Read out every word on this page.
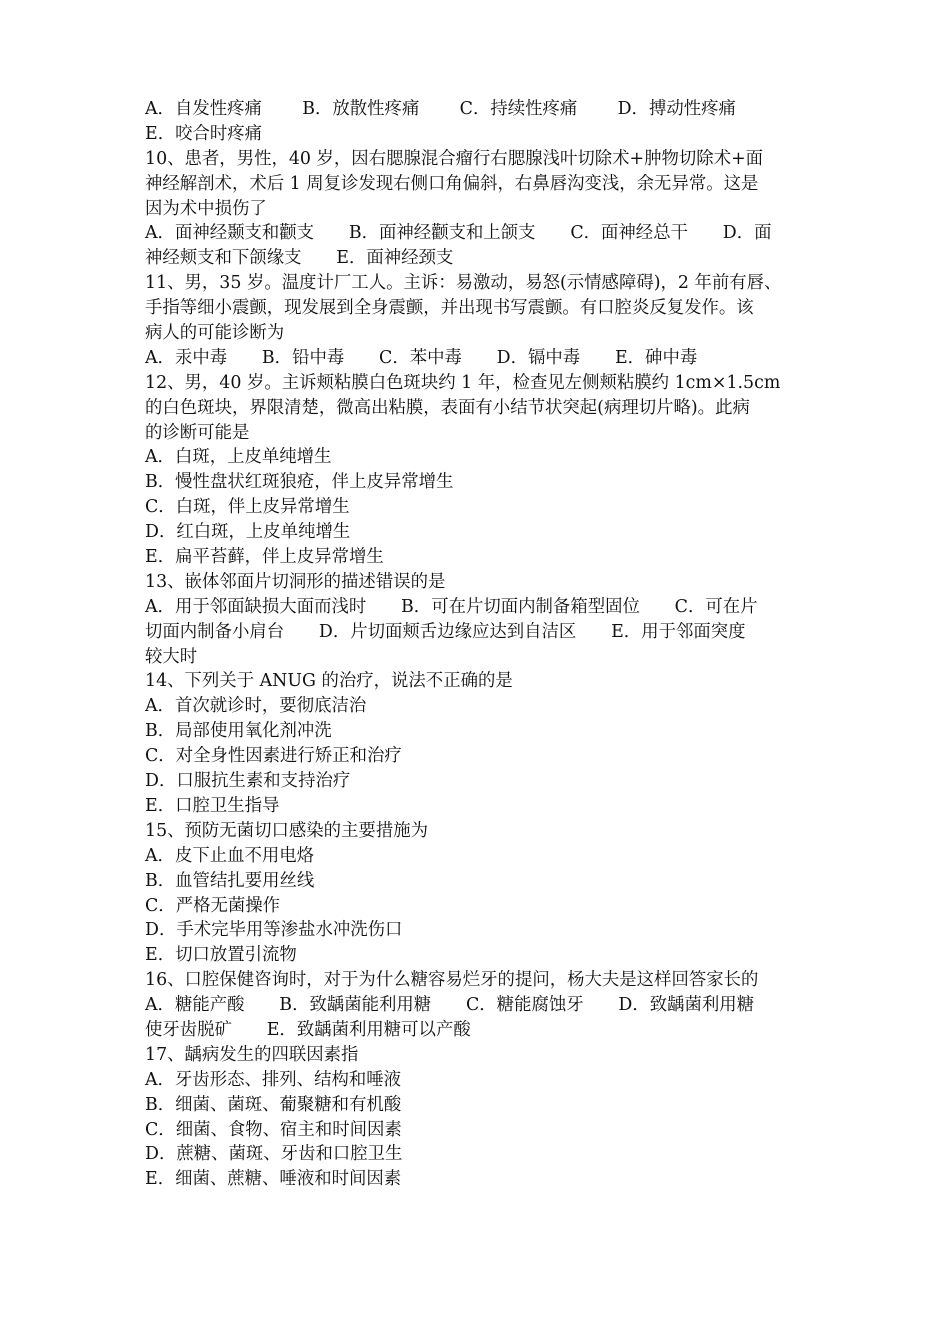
A．自发性疼痛　　 B．放散性疼痛　　 C．持续性疼痛　　 D．搏动性疼痛
E．咬合时疼痛
10、患者，男性，40 岁，因右腮腺混合瘤行右腮腺浅叶切除术+肿物切除术+面
神经解剖术，术后 1 周复诊发现右侧口角偏斜，右鼻唇沟变浅，余无异常。这是
因为术中损伤了
A．面神经颞支和颧支　　B．面神经颧支和上颌支　　C．面神经总干　　D．面
神经颊支和下颌缘支　　E．面神经颈支
11、男，35 岁。温度计厂工人。主诉：易激动，易怒(示情感障碍)，2 年前有唇、
手指等细小震颤，现发展到全身震颤，并出现书写震颤。有口腔炎反复发作。该
病人的可能诊断为
A．汞中毒　　B．铅中毒　　C．苯中毒　　D．镉中毒　　E．砷中毒
12、男，40 岁。主诉颊粘膜白色斑块约 1 年，检查见左侧颊粘膜约 1cm×1.5cm
的白色斑块，界限清楚，微高出粘膜，表面有小结节状突起(病理切片略)。此病
的诊断可能是
A．白斑，上皮单纯增生
B．慢性盘状红斑狼疮，伴上皮异常增生
C．白斑，伴上皮异常增生
D．红白斑，上皮单纯增生
E．扁平苔藓，伴上皮异常增生
13、嵌体邻面片切洞形的描述错误的是
A．用于邻面缺损大面而浅时　　B．可在片切面内制备箱型固位　　C．可在片
切面内制备小肩台　　D．片切面颊舌边缘应达到自洁区　　E．用于邻面突度
较大时
14、下列关于 ANUG 的治疗，说法不正确的是
A．首次就诊时，要彻底洁治
B．局部使用氧化剂冲洗
C．对全身性因素进行矫正和治疗
D．口服抗生素和支持治疗
E．口腔卫生指导
15、预防无菌切口感染的主要措施为
A．皮下止血不用电烙
B．血管结扎要用丝线
C．严格无菌操作
D．手术完毕用等渗盐水冲洗伤口
E．切口放置引流物
16、口腔保健咨询时，对于为什么糖容易烂牙的提问，杨大夫是这样回答家长的
A．糖能产酸　　B．致龋菌能利用糖　　C．糖能腐蚀牙　　D．致龋菌利用糖
使牙齿脱矿　　E．致龋菌利用糖可以产酸
17、龋病发生的四联因素指
A．牙齿形态、排列、结构和唾液
B．细菌、菌斑、葡聚糖和有机酸
C．细菌、食物、宿主和时间因素
D．蔗糖、菌斑、牙齿和口腔卫生
E．细菌、蔗糖、唾液和时间因素
